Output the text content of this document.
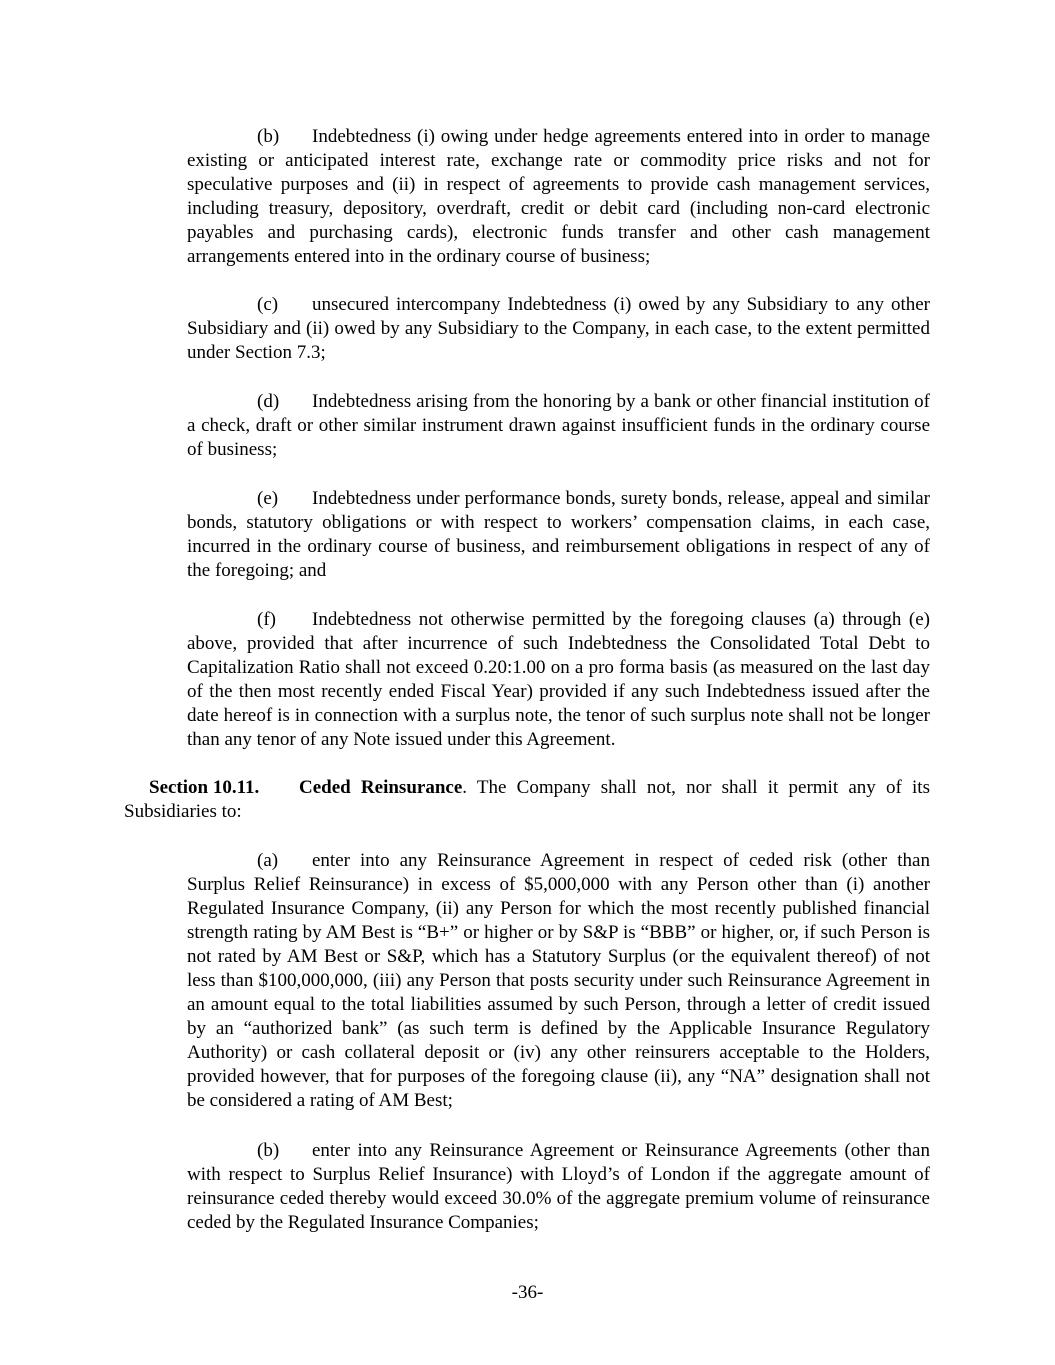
(b) Indebtedness (i) owing under hedge agreements entered into in order to manage existing or anticipated interest rate, exchange rate or commodity price risks and not for speculative purposes and (ii) in respect of agreements to provide cash management services, including treasury, depository, overdraft, credit or debit card (including non-card electronic payables and purchasing cards), electronic funds transfer and other cash management arrangements entered into in the ordinary course of business;

(c) unsecured intercompany Indebtedness (i) owed by any Subsidiary to any other Subsidiary and (ii) owed by any Subsidiary to the Company, in each case, to the extent permitted under Section 7.3;

(d) Indebtedness arising from the honoring by a bank or other financial institution of a check, draft or other similar instrument drawn against insufficient funds in the ordinary course of business;

(e) Indebtedness under performance bonds, surety bonds, release, appeal and similar bonds, statutory obligations or with respect to workers’ compensation claims, in each case, incurred in the ordinary course of business, and reimbursement obligations in respect of any of the foregoing; and

(f) Indebtedness not otherwise permitted by the foregoing clauses (a) through (e) above, provided that after incurrence of such Indebtedness the Consolidated Total Debt to Capitalization Ratio shall not exceed 0.20:1.00 on a pro forma basis (as measured on the last day of the then most recently ended Fiscal Year) provided if any such Indebtedness issued after the date hereof is in connection with a surplus note, the tenor of such surplus note shall not be longer than any tenor of any Note issued under this Agreement.

Section 10.11. Ceded Reinsurance. The Company shall not, nor shall it permit any of its Subsidiaries to:

(a) enter into any Reinsurance Agreement in respect of ceded risk (other than Surplus Relief Reinsurance) in excess of $5,000,000 with any Person other than (i) another Regulated Insurance Company, (ii) any Person for which the most recently published financial strength rating by AM Best is “B+” or higher or by S&P is “BBB” or higher, or, if such Person is not rated by AM Best or S&P, which has a Statutory Surplus (or the equivalent thereof) of not less than $100,000,000, (iii) any Person that posts security under such Reinsurance Agreement in an amount equal to the total liabilities assumed by such Person, through a letter of credit issued by an “authorized bank” (as such term is defined by the Applicable Insurance Regulatory Authority) or cash collateral deposit or (iv) any other reinsurers acceptable to the Holders, provided however, that for purposes of the foregoing clause (ii), any “NA” designation shall not be considered a rating of AM Best;

(b) enter into any Reinsurance Agreement or Reinsurance Agreements (other than with respect to Surplus Relief Insurance) with Lloyd’s of London if the aggregate amount of reinsurance ceded thereby would exceed 30.0% of the aggregate premium volume of reinsurance ceded by the Regulated Insurance Companies;

-36-
